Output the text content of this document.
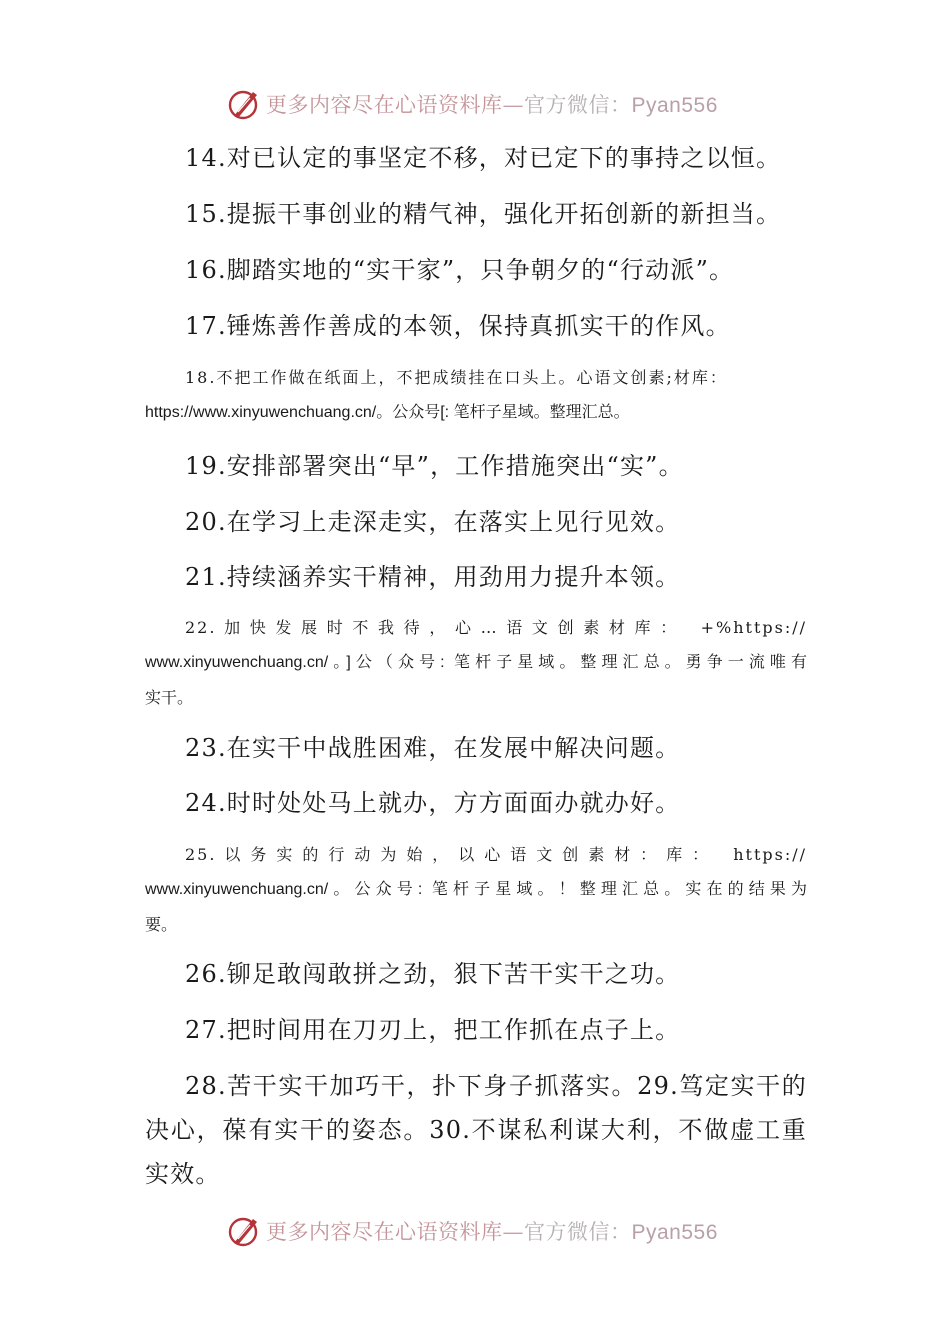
更多内容尽在心语资料库—官方微信：Pyan556
14.对已认定的事坚定不移，对已定下的事持之以恒。
15.提振干事创业的精气神，强化开拓创新的新担当。
16.脚踏实地的“实干家”，只争朝夕的“行动派”。
17.锤炼善作善成的本领，保持真抓实干的作风。

18.不把工作做在纸面上，不把成绩挂在口头上。心语文创素;材库：

https://www.xinyuwenchuang.cn/。公众号[: 笔杆子星域。整理汇总。

19.安排部署突出“早”，工作措施突出“实”。
20.在学习上走深走实，在落实上见行见效。
21.持续涵养实干精神，用劲用力提升本领。

22.加快发展时不我待，心…语文创素材库： +%https://

www.xinyuwenchuang.cn/。]公（众号: 笔杆子星域。整理汇总。勇争一流唯有

实干。

23.在实干中战胜困难，在发展中解决问题。
24.时时处处马上就办，方方面面办就办好。

25.以务实的行动为始，以心语文创素材：库： https://

www.xinyuwenchuang.cn/。公众号: 笔杆子星域。！整理汇总。实在的结果为

要。

26.铆足敢闯敢拼之劲，狠下苦干实干之功。
27.把时间用在刀刃上，把工作抓在点子上。

28.苦干实干加巧干，扑下身子抓落实。29.笃定实干的

决心，葆有实干的姿态。30.不谋私利谋大利，不做虚工重

实效。

更多内容尽在心语资料库—官方微信：Pyan556
